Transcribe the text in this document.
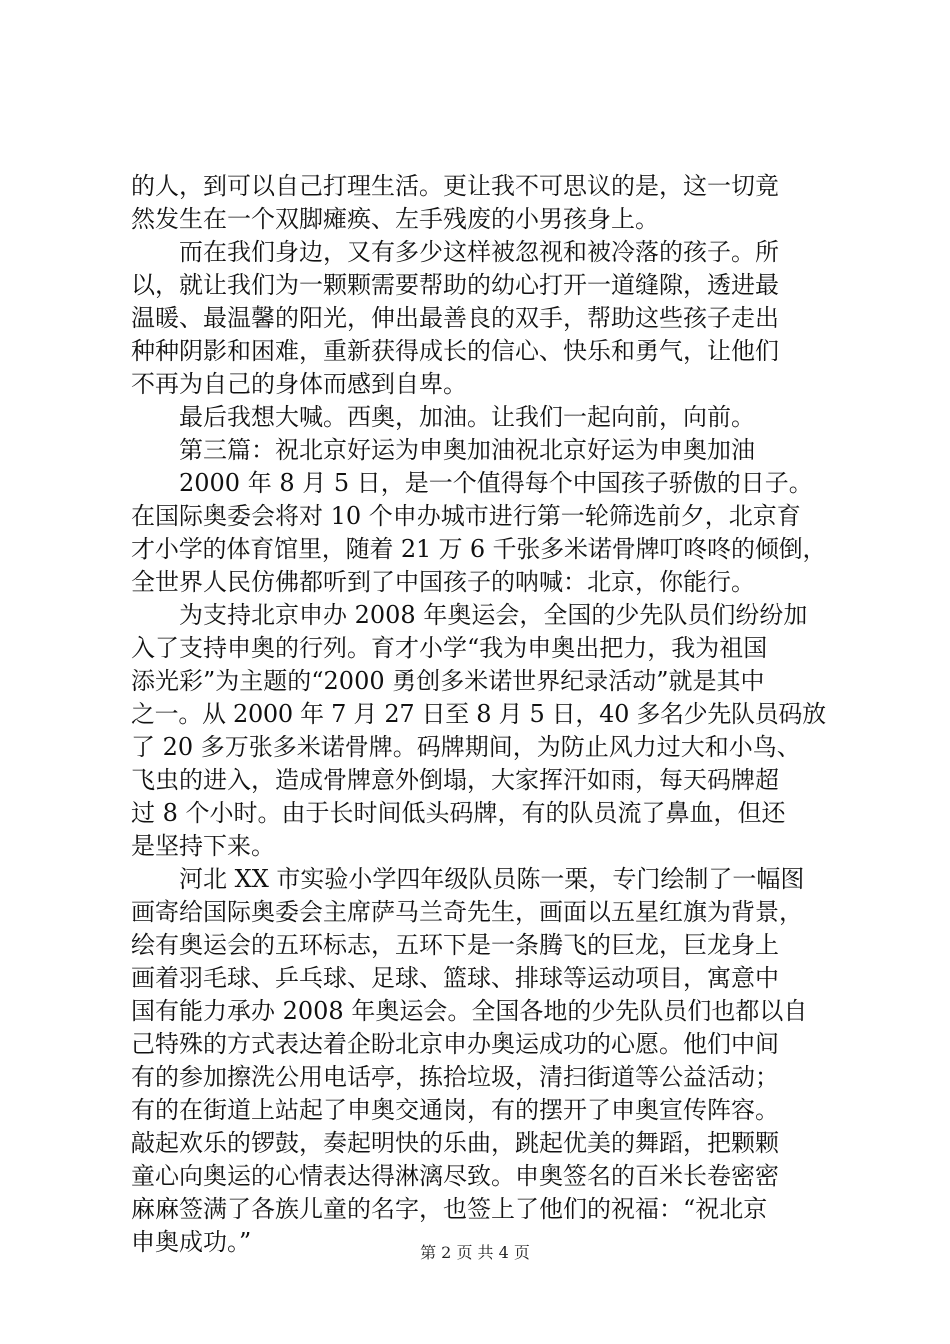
的人，到可以自己打理生活。更让我不可思议的是，这一切竟
然发生在一个双脚瘫痪、左手残废的小男孩身上。
　　而在我们身边，又有多少这样被忽视和被冷落的孩子。所
以，就让我们为一颗颗需要帮助的幼心打开一道缝隙，透进最
温暖、最温馨的阳光，伸出最善良的双手，帮助这些孩子走出
种种阴影和困难，重新获得成长的信心、快乐和勇气，让他们
不再为自己的身体而感到自卑。
　　最后我想大喊。西奥，加油。让我们一起向前，向前。
　　第三篇：祝北京好运为申奥加油祝北京好运为申奥加油
　　2000 年 8 月 5 日，是一个值得每个中国孩子骄傲的日子。
在国际奥委会将对 10 个申办城市进行第一轮筛选前夕，北京育
才小学的体育馆里，随着 21 万 6 千张多米诺骨牌叮咚咚的倾倒，
全世界人民仿佛都听到了中国孩子的呐喊：北京，你能行。
　　为支持北京申办 2008 年奥运会，全国的少先队员们纷纷加
入了支持申奥的行列。育才小学“我为申奥出把力，我为祖国
添光彩”为主题的“2000 勇创多米诺世界纪录活动”就是其中
之一。从 2000 年 7 月 27 日至 8 月 5 日，40 多名少先队员码放
了 20 多万张多米诺骨牌。码牌期间，为防止风力过大和小鸟、
飞虫的进入，造成骨牌意外倒塌，大家挥汗如雨，每天码牌超
过 8 个小时。由于长时间低头码牌，有的队员流了鼻血，但还
是坚持下来。
　　河北 XX 市实验小学四年级队员陈一栗，专门绘制了一幅图
画寄给国际奥委会主席萨马兰奇先生，画面以五星红旗为背景，
绘有奥运会的五环标志，五环下是一条腾飞的巨龙，巨龙身上
画着羽毛球、乒乓球、足球、篮球、排球等运动项目，寓意中
国有能力承办 2008 年奥运会。全国各地的少先队员们也都以自
己特殊的方式表达着企盼北京申办奥运成功的心愿。他们中间
有的参加擦洗公用电话亭，拣拾垃圾，清扫街道等公益活动；
有的在街道上站起了申奥交通岗，有的摆开了申奥宣传阵容。
敲起欢乐的锣鼓，奏起明快的乐曲，跳起优美的舞蹈，把颗颗
童心向奥运的心情表达得淋漓尽致。申奥签名的百米长卷密密
麻麻签满了各族儿童的名字，也签上了他们的祝福：“祝北京
申奥成功。”	第 2 页 共 4 页
